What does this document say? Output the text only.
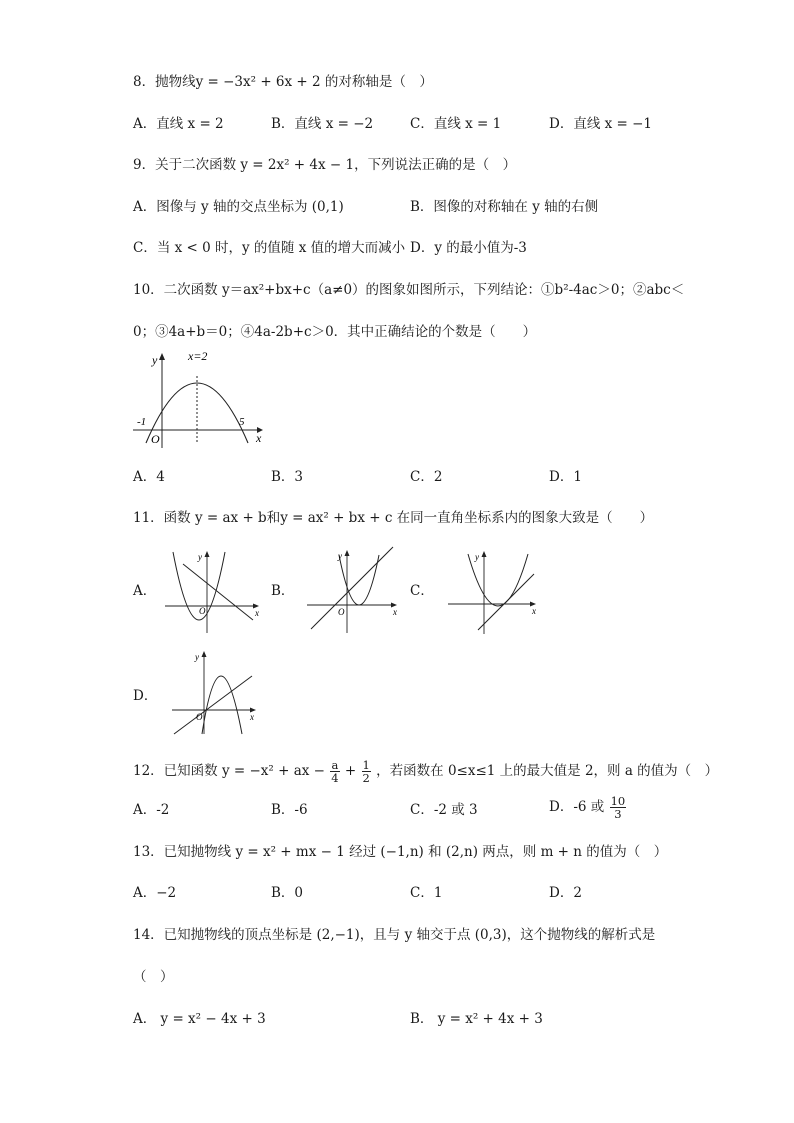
8．抛物线y = −3x² + 6x + 2 的对称轴是（　）
A．直线 x = 2	B．直线 x = −2	C．直线 x = 1	D．直线 x = −1
9．关于二次函数 y = 2x² + 4x − 1，下列说法正确的是（　）
A．图像与 y 轴的交点坐标为 (0,1)	B．图像的对称轴在 y 轴的右侧
C．当 x < 0 时，y 的值随 x 值的增大而减小 D．y 的最小值为-3
10．二次函数 y＝ax²+bx+c（a≠0）的图象如图所示，下列结论：①b²-4ac＞0；②abc＜
0；③4a+b＝0；④4a-2b+c＞0．其中正确结论的个数是（　　）
y	x=2
-1	5
O	x
A．4	B．3	C．2	D．1
11．函数 y = ax + b和y = ax² + bx + c 在同一直角坐标系内的图象大致是（　　）
A．
y
O	x
B．
y
O	x
C．
y
x
D．
y
O	x
12．已知函数 y = −x² + ax − $\frac{a}{4} + \frac{1}{2}$ ，若函数在 0≤x≤1 上的最大值是 2，则 a 的值为（　）
A．-2	B．-6	C．-2 或 3	D．-6 或 $\frac{10}{3}$
13．已知抛物线 y = x² + mx − 1 经过 (−1,n) 和 (2,n) 两点，则 m + n 的值为（　）
A．−2	B．0	C．1	D．2
14．已知抛物线的顶点坐标是 (2,−1)，且与 y 轴交于点 (0,3)，这个抛物线的解析式是
（　）
A． y = x² − 4x + 3	B． y = x² + 4x + 3
